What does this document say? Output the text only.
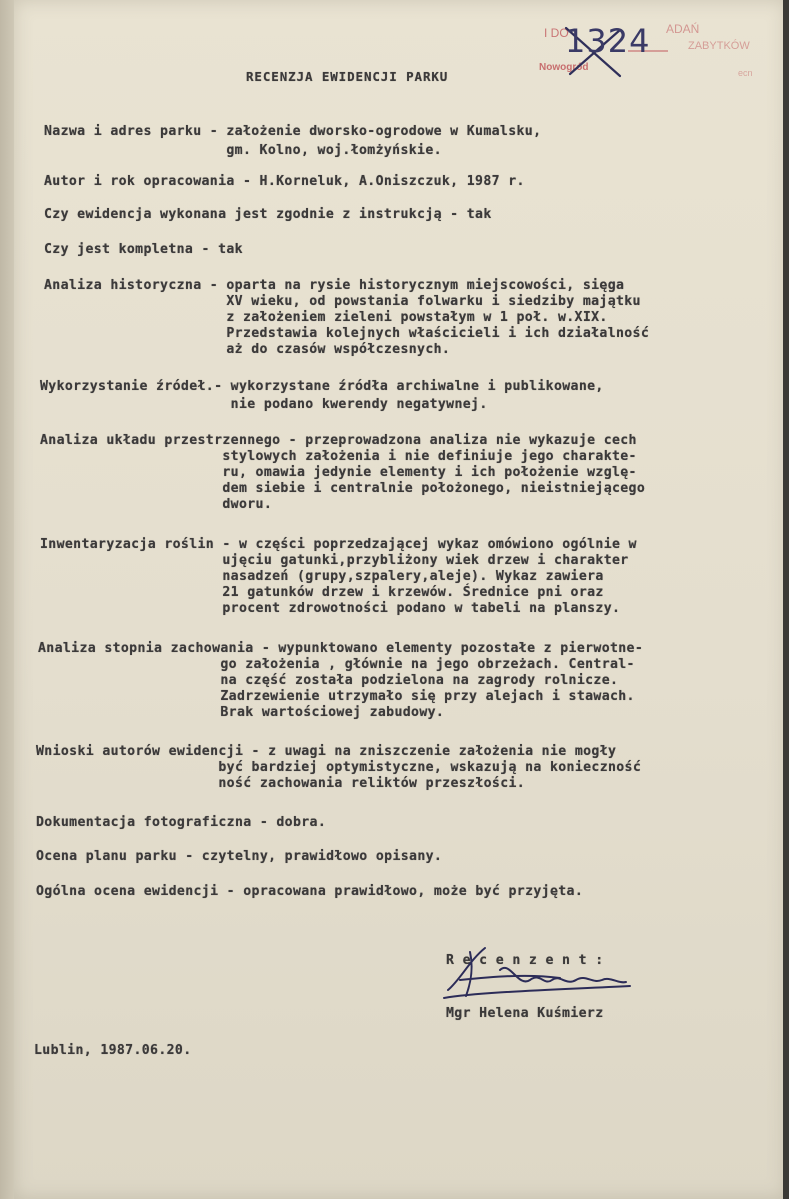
I DO
Nowogród
ADAŃ
ZABYTKÓW
ecn
1324
RECENZJA EWIDENCJI PARKU
Nazwa i adres parku - założenie dworsko-ogrodowe w Kumalsku,
gm. Kolno, woj.łomżyńskie.
Autor i rok opracowania - H.Korneluk, A.Oniszczuk, 1987 r.
Czy ewidencja wykonana jest zgodnie z instrukcją - tak
Czy jest kompletna - tak
Analiza historyczna - oparta na rysie historycznym miejscowości, sięga
XV wieku, od powstania folwarku i siedziby majątku
z założeniem zieleni powstałym w 1 poł. w.XIX.
Przedstawia kolejnych właścicieli i ich działalność
aż do czasów współczesnych.
Wykorzystanie źródeł.- wykorzystane źródła archiwalne i publikowane,
nie podano kwerendy negatywnej.
Analiza układu przestrzennego - przeprowadzona analiza nie wykazuje cech
stylowych założenia i nie definiuje jego charakte-
ru, omawia jedynie elementy i ich położenie wzglę-
dem siebie i centralnie położonego, nieistniejącego
dworu.
Inwentaryzacja roślin - w części poprzedzającej wykaz omówiono ogólnie w
ujęciu gatunki,przybliżony wiek drzew i charakter
nasadzeń (grupy,szpalery,aleje). Wykaz zawiera
21 gatunków drzew i krzewów. Średnice pni oraz
procent zdrowotności podano w tabeli na planszy.
Analiza stopnia zachowania - wypunktowano elementy pozostałe z pierwotne-
go założenia , głównie na jego obrzeżach. Central-
na część została podzielona na zagrody rolnicze.
Zadrzewienie utrzymało się przy alejach i stawach.
Brak wartościowej zabudowy.
Wnioski autorów ewidencji - z uwagi na zniszczenie założenia nie mogły
być bardziej optymistyczne, wskazują na konieczność
ność zachowania reliktów przeszłości.
Dokumentacja fotograficzna - dobra.
Ocena planu parku - czytelny, prawidłowo opisany.
Ogólna ocena ewidencji - opracowana prawidłowo, może być przyjęta.
R e c e n z e n t :
Mgr Helena Kuśmierz
Lublin, 1987.06.20.
